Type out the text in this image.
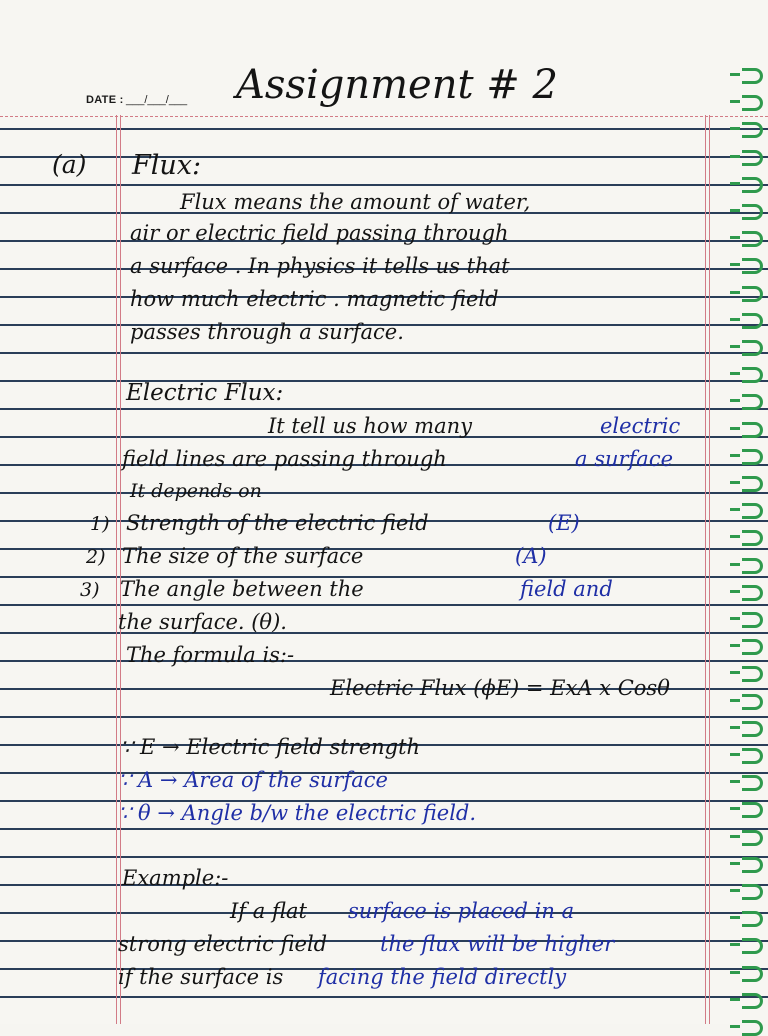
DATE : ___/___/___ Assignment # 2
(a) Flux:
Flux means the amount of water,
air or electric field passing through
a surface . In physics it tells us that
how much electric . magnetic field
passes through a surface.
Electric Flux:
It tell us how many	electric
field lines are passing through	a surface
It depends on
1) Strength of the electric field	(E)
2) The size of the surface	(A)
3) The angle between the	field and
the surface. (θ).
The formula is:-
Electric Flux (ϕE) = ExA x Cosθ
∵ E → Electric field strength
∵ A → Area of the surface
∵ θ → Angle b/w the electric field.
Example:-
If a flat surface is placed in a
strong electric field	the flux will be higher
if the surface is facing the field directly
